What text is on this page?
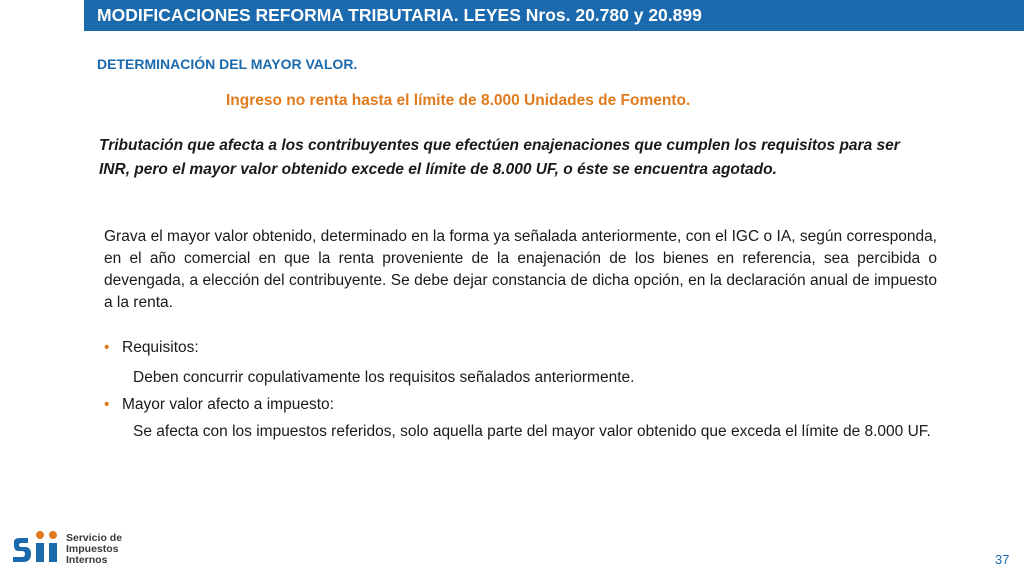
MODIFICACIONES REFORMA TRIBUTARIA. LEYES Nros. 20.780 y 20.899
DETERMINACIÓN DEL MAYOR VALOR.
Ingreso no renta hasta el límite de 8.000 Unidades de Fomento.
Tributación que afecta a los contribuyentes que efectúen enajenaciones que cumplen los requisitos para ser INR, pero el mayor valor obtenido excede el límite de 8.000 UF, o éste se encuentra agotado.
Grava el mayor valor obtenido, determinado en la forma ya señalada anteriormente, con el IGC o IA, según corresponda, en el año comercial en que la renta proveniente de la enajenación de los bienes en referencia, sea percibida o devengada, a elección del contribuyente. Se debe dejar constancia de dicha opción, en la declaración anual de impuesto a la renta.
• Requisitos:
Deben concurrir copulativamente los requisitos señalados anteriormente.
• Mayor valor afecto a impuesto:
Se afecta con los impuestos referidos, solo aquella parte del mayor valor obtenido que exceda el límite de 8.000 UF.
Servicio de
Impuestos
Internos	37
